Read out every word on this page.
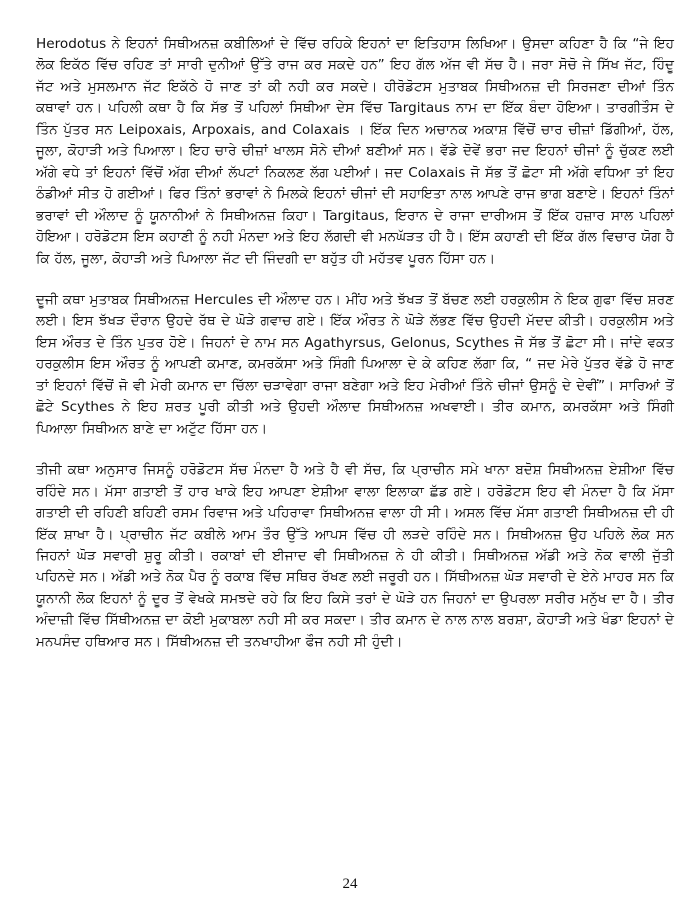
Herodotus ਨੇ ਇਹਨਾਂ ਸਿਥੀਅਨਜ਼ ਕਬੀਲਿਆਂ ਦੇ ਵਿੱਚ ਰਹਿਕੇ ਇਹਨਾਂ ਦਾ ਇਤਿਹਾਸ ਲਿਖਿਆ। ਉਸਦਾ ਕਹਿਣਾ ਹੈ ਕਿ “ਜੇ ਇਹ ਲੋਕ ਇਕੱਠ ਵਿੱਚ ਰਹਿਣ ਤਾਂ ਸਾਰੀ ਦੁਨੀਆਂ ਉੱਤੇ ਰਾਜ ਕਰ ਸਕਦੇ ਹਨ” ਇਹ ਗੱਲ ਅੱਜ ਵੀ ਸੱਚ ਹੈ। ਜਰਾ ਸੋਚੋ ਜੇ ਸਿੱਖ ਜੱਟ, ਹਿੰਦੂ ਜੱਟ ਅਤੇ ਮੁਸਲਮਾਨ ਜੱਟ ਇਕੱਠੇ ਹੋ ਜਾਣ ਤਾਂ ਕੀ ਨਹੀ ਕਰ ਸਕਦੇ। ਹੀਰੋਡੋਟਸ ਮੁਤਾਬਕ ਸਿਥੀਅਨਜ਼ ਦੀ ਸਿਰਜਣਾ ਦੀਆਂ ਤਿੰਨ ਕਥਾਵਾਂ ਹਨ। ਪਹਿਲੀ ਕਥਾ ਹੈ ਕਿ ਸੱਭ ਤੋਂ ਪਹਿਲਾਂ ਸਿਥੀਆ ਦੇਸ ਵਿੱਚ Targitaus ਨਾਮ ਦਾ ਇੱਕ ਬੰਦਾ ਹੋਇਆ। ਤਾਰਗੀਤੌਸ ਦੇ ਤਿੰਨ ਪੁੱਤਰ ਸਨ Leipoxais, Arpoxais, and Colaxais । ਇੱਕ ਦਿਨ ਅਚਾਨਕ ਅਕਾਸ਼ ਵਿੱਚੋਂ ਚਾਰ ਚੀਜ਼ਾਂ ਡਿੱਗੀਆਂ, ਹੱਲ, ਜੂਲਾ, ਕੋਹਾੜੀ ਅਤੇ ਪਿਆਲਾ। ਇਹ ਚਾਰੇ ਚੀਜ਼ਾਂ ਖਾਲਸ ਸੋਨੇ ਦੀਆਂ ਬਣੀਆਂ ਸਨ। ਵੱਡੇ ਦੋਵੇਂ ਭਰਾ ਜਦ ਇਹਨਾਂ ਚੀਜਾਂ ਨੂੰ ਚੁੱਕਣ ਲਈ ਅੱਗੇ ਵਧੇ ਤਾਂ ਇਹਨਾਂ ਵਿੱਚੋਂ ਅੱਗ ਦੀਆਂ ਲੱਪਟਾਂ ਨਿਕਲਣ ਲੱਗ ਪਈਆਂ। ਜਦ Colaxais ਜੋ ਸੱਭ ਤੋਂ ਛੋਟਾ ਸੀ ਅੱਗੇ ਵਧਿਆ ਤਾਂ ਇਹ ਠੰਡੀਆਂ ਸੀਤ ਹੋ ਗਈਆਂ। ਫਿਰ ਤਿੰਨਾਂ ਭਰਾਵਾਂ ਨੇ ਮਿਲਕੇ ਇਹਨਾਂ ਚੀਜਾਂ ਦੀ ਸਹਾਇਤਾ ਨਾਲ ਆਪਣੇ ਰਾਜ ਭਾਗ ਬਣਾਏ। ਇਹਨਾਂ ਤਿੰਨਾਂ ਭਰਾਵਾਂ ਦੀ ਔਲਾਦ ਨੂੰ ਯੂਨਾਨੀਆਂ ਨੇ ਸਿਥੀਅਨਜ਼ ਕਿਹਾ। Targitaus, ਇਰਾਨ ਦੇ ਰਾਜਾ ਦਾਰੀਅਸ ਤੋਂ ਇੱਕ ਹਜ਼ਾਰ ਸਾਲ ਪਹਿਲਾਂ ਹੋਇਆ। ਹਰੋਡੋਟਸ ਇਸ ਕਹਾਣੀ ਨੂੰ ਨਹੀ ਮੰਨਦਾ ਅਤੇ ਇਹ ਲੱਗਦੀ ਵੀ ਮਨਘੱੜਤ ਹੀ ਹੈ। ਇੱਸ ਕਹਾਣੀ ਦੀ ਇੱਕ ਗੱਲ ਵਿਚਾਰ ਯੋਗ ਹੈ ਕਿ ਹੱਲ, ਜੂਲਾ, ਕੋਹਾੜੀ ਅਤੇ ਪਿਆਲਾ ਜੱਟ ਦੀ ਜਿੰਦਗੀ ਦਾ ਬਹੁੱਤ ਹੀ ਮਹੱਤਵ ਪੂਰਨ ਹਿੱਸਾ ਹਨ।

ਦੂਜੀ ਕਥਾ ਮੁਤਾਬਕ ਸਿਥੀਅਨਜ਼ Hercules ਦੀ ਔਲਾਦ ਹਨ। ਮੀਂਹ ਅਤੇ ਝੱਖੜ ਤੋਂ ਬੱਚਣ ਲਈ ਹਰਕੁਲੀਸ ਨੇ ਇਕ ਗੁਫਾ ਵਿੱਚ ਸ਼ਰਣ ਲਈ। ਇਸ ਝੱਖੜ ਦੌਰਾਨ ਉਹਦੇ ਰੱਥ ਦੇ ਘੋੜੇ ਗਵਾਚ ਗਏ। ਇੱਕ ਔਰਤ ਨੇ ਘੋੜੇ ਲੱਭਣ ਵਿੱਚ ਉਹਦੀ ਮੱਦਦ ਕੀਤੀ। ਹਰਕੁਲੀਸ ਅਤੇ ਇਸ ਔਰਤ ਦੇ ਤਿੰਨ ਪੁਤਰ ਹੋਏ। ਜਿਹਨਾਂ ਦੇ ਨਾਮ ਸਨ Agathyrsus, Gelonus, Scythes ਜੋ ਸੱਭ ਤੋਂ ਛੋਟਾ ਸੀ। ਜਾਂਦੇ ਵਕਤ ਹਰਕੁਲੀਸ ਇਸ ਔਰਤ ਨੂੰ ਆਪਣੀ ਕਮਾਣ, ਕਮਰਕੱਸਾ ਅਤੇ ਸਿੰਗੀ ਪਿਆਲਾ ਦੇ ਕੇ ਕਹਿਣ ਲੱਗਾ ਕਿ, “ ਜਦ ਮੇਰੇ ਪੁੱਤਰ ਵੱਡੇ ਹੋ ਜਾਣ ਤਾਂ ਇਹਨਾਂ ਵਿੱਚੋਂ ਜੋ ਵੀ ਮੇਰੀ ਕਮਾਨ ਦਾ ਚਿੱਲਾ ਚੜਾਵੇਗਾ ਰਾਜਾ ਬਣੇਗਾ ਅਤੇ ਇਹ ਮੇਰੀਆਂ ਤਿੰਨੇ ਚੀਜਾਂ ਉਸਨੂੰ ਦੇ ਦੇਵੀਂ”। ਸਾਰਿਆਂ ਤੋਂ ਛੋਟੇ Scythes ਨੇ ਇਹ ਸ਼ਰਤ ਪੂਰੀ ਕੀਤੀ ਅਤੇ ਉਹਦੀ ਔਲਾਦ ਸਿਥੀਅਨਜ਼ ਅਖਵਾਈ। ਤੀਰ ਕਮਾਨ, ਕਮਰਕੱਸਾ ਅਤੇ ਸਿੰਗੀ ਪਿਆਲਾ ਸਿਥੀਅਨ ਬਾਣੇ ਦਾ ਅਟੁੱਟ ਹਿੱਸਾ ਹਨ।

ਤੀਜੀ ਕਥਾ ਅਨੁਸਾਰ ਜਿਸਨੂੰ ਹਰੋਡੋਟਸ ਸੱਚ ਮੰਨਦਾ ਹੈ ਅਤੇ ਹੈ ਵੀ ਸੱਚ, ਕਿ ਪ੍ਰਾਚੀਨ ਸਮੇ ਖਾਨਾ ਬਦੋਸ਼ ਸਿਥੀਅਨਜ਼ ਏਸ਼ੀਆ ਵਿੱਚ ਰਹਿੰਦੇ ਸਨ। ਮੱਸਾ ਗਤਾਈ ਤੋਂ ਹਾਰ ਖਾਕੇ ਇਹ ਆਪਣਾ ਏਸ਼ੀਆ ਵਾਲਾ ਇਲਾਕਾ ਛੱਡ ਗਏ। ਹਰੋਡੋਟਸ ਇਹ ਵੀ ਮੰਨਦਾ ਹੈ ਕਿ ਮੱਸਾ ਗਤਾਈ ਦੀ ਰਹਿਣੀ ਬਹਿਣੀ ਰਸਮ ਰਿਵਾਜ ਅਤੇ ਪਹਿਰਾਵਾ ਸਿਥੀਅਨਜ਼ ਵਾਲਾ ਹੀ ਸੀ। ਅਸਲ ਵਿੱਚ ਮੱਸਾ ਗਤਾਈ ਸਿਥੀਅਨਜ਼ ਦੀ ਹੀ ਇੱਕ ਸ਼ਾਖਾ ਹੈ। ਪ੍ਰਾਚੀਨ ਜੱਟ ਕਬੀਲੇ ਆਮ ਤੌਰ ਉੱਤੇ ਆਪਸ ਵਿੱਚ ਹੀ ਲੜਦੇ ਰਹਿੰਦੇ ਸਨ। ਸਿਥੀਅਨਜ਼ ਉਹ ਪਹਿਲੇ ਲੋਕ ਸਨ ਜਿਹਨਾਂ ਘੋੜ ਸਵਾਰੀ ਸ਼ੁਰੂ ਕੀਤੀ। ਰਕਾਬਾਂ ਦੀ ਈਜਾਦ ਵੀ ਸਿਥੀਅਨਜ਼ ਨੇ ਹੀ ਕੀਤੀ। ਸਿਥੀਅਨਜ਼ ਅੱਡੀ ਅਤੇ ਨੋਕ ਵਾਲੀ ਜੁੱਤੀ ਪਹਿਨਦੇ ਸਨ। ਅੱਡੀ ਅਤੇ ਨੋਕ ਪੈਰ ਨੂੰ ਰਕਾਬ ਵਿੱਚ ਸਥਿਰ ਰੱਖਣ ਲਈ ਜਰੂਰੀ ਹਨ। ਸਿੱਥੀਅਨਜ਼ ਘੋੜ ਸਵਾਰੀ ਦੇ ਏਨੇ ਮਾਹਰ ਸਨ ਕਿ ਯੂਨਾਨੀ ਲੋਕ ਇਹਨਾਂ ਨੂੰ ਦੂਰ ਤੋਂ ਵੇਖਕੇ ਸਮਝਦੇ ਰਹੇ ਕਿ ਇਹ ਕਿਸੇ ਤਰਾਂ ਦੇ ਘੋੜੇ ਹਨ ਜਿਹਨਾਂ ਦਾ ਉਪਰਲਾ ਸਰੀਰ ਮਨੁੱਖ ਦਾ ਹੈ। ਤੀਰ ਅੰਦਾਜ਼ੀ ਵਿੱਚ ਸਿੱਥੀਅਨਜ਼ ਦਾ ਕੋਈ ਮੁਕਾਬਲਾ ਨਹੀ ਸੀ ਕਰ ਸਕਦਾ। ਤੀਰ ਕਮਾਨ ਦੇ ਨਾਲ ਨਾਲ ਬਰਸ਼ਾ, ਕੋਹਾੜੀ ਅਤੇ ਖੰਡਾ ਇਹਨਾਂ ਦੇ ਮਨਪਸੰਦ ਹਥਿਆਰ ਸਨ। ਸਿੱਥੀਅਨਜ਼ ਦੀ ਤਨਖਾਹੀਆ ਫੌਜ ਨਹੀ ਸੀ ਹੁੰਦੀ।

24
